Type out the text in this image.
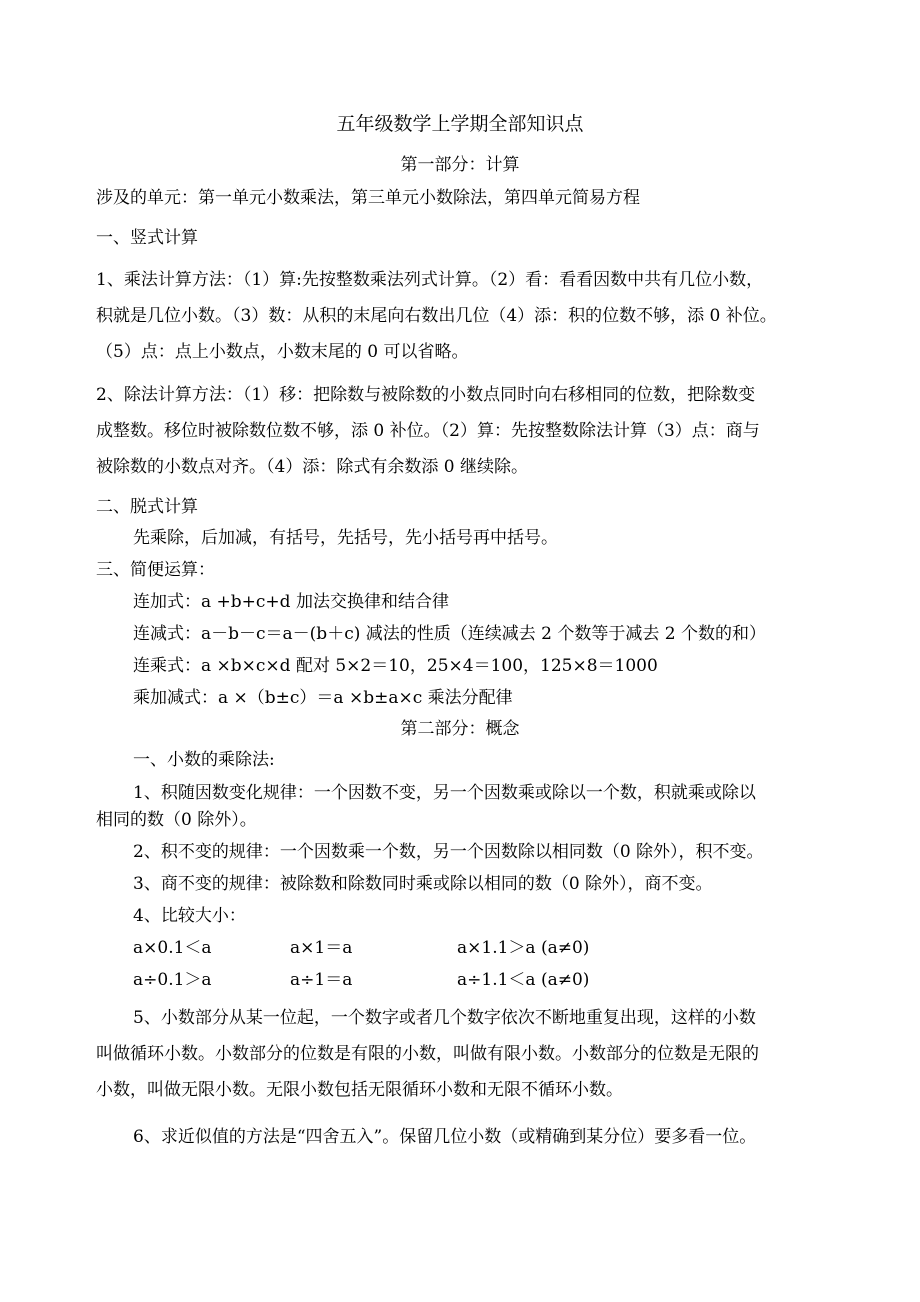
五年级数学上学期全部知识点
第一部分：计算
涉及的单元：第一单元小数乘法，第三单元小数除法，第四单元简易方程
一、竖式计算
1、乘法计算方法：（1）算:先按整数乘法列式计算。（2）看：看看因数中共有几位小数，
积就是几位小数。（3）数：从积的末尾向右数出几位（4）添：积的位数不够，添 0 补位。
（5）点：点上小数点，小数末尾的 0 可以省略。
2、除法计算方法：（1）移：把除数与被除数的小数点同时向右移相同的位数，把除数变
成整数。移位时被除数位数不够，添 0 补位。（2）算：先按整数除法计算（3）点：商与
被除数的小数点对齐。（4）添：除式有余数添 0 继续除。
二、脱式计算
先乘除，后加减，有括号，先括号，先小括号再中括号。
三、简便运算：
连加式：a +b+c+d 加法交换律和结合律
连减式：a－b－c＝a－(b＋c) 减法的性质（连续减去 2 个数等于减去 2 个数的和）
连乘式：a ×b×c×d 配对 5×2＝10，25×4＝100，125×8＝1000
乘加减式：a ×（b±c）＝a ×b±a×c 乘法分配律
第二部分：概念
一、小数的乘除法:
1、积随因数变化规律：一个因数不变，另一个因数乘或除以一个数，积就乘或除以
相同的数（0 除外）。
2、积不变的规律：一个因数乘一个数，另一个因数除以相同数（0 除外），积不变。
3、商不变的规律：被除数和除数同时乘或除以相同的数（0 除外），商不变。
4、比较大小：
a×0.1＜a	a×1＝a	a×1.1＞a (a≠0)
a÷0.1＞a	a÷1＝a	a÷1.1＜a (a≠0)
5、小数部分从某一位起，一个数字或者几个数字依次不断地重复出现，这样的小数
叫做循环小数。小数部分的位数是有限的小数，叫做有限小数。小数部分的位数是无限的
小数，叫做无限小数。无限小数包括无限循环小数和无限不循环小数。
6、求近似值的方法是“四舍五入”。保留几位小数（或精确到某分位）要多看一位。
